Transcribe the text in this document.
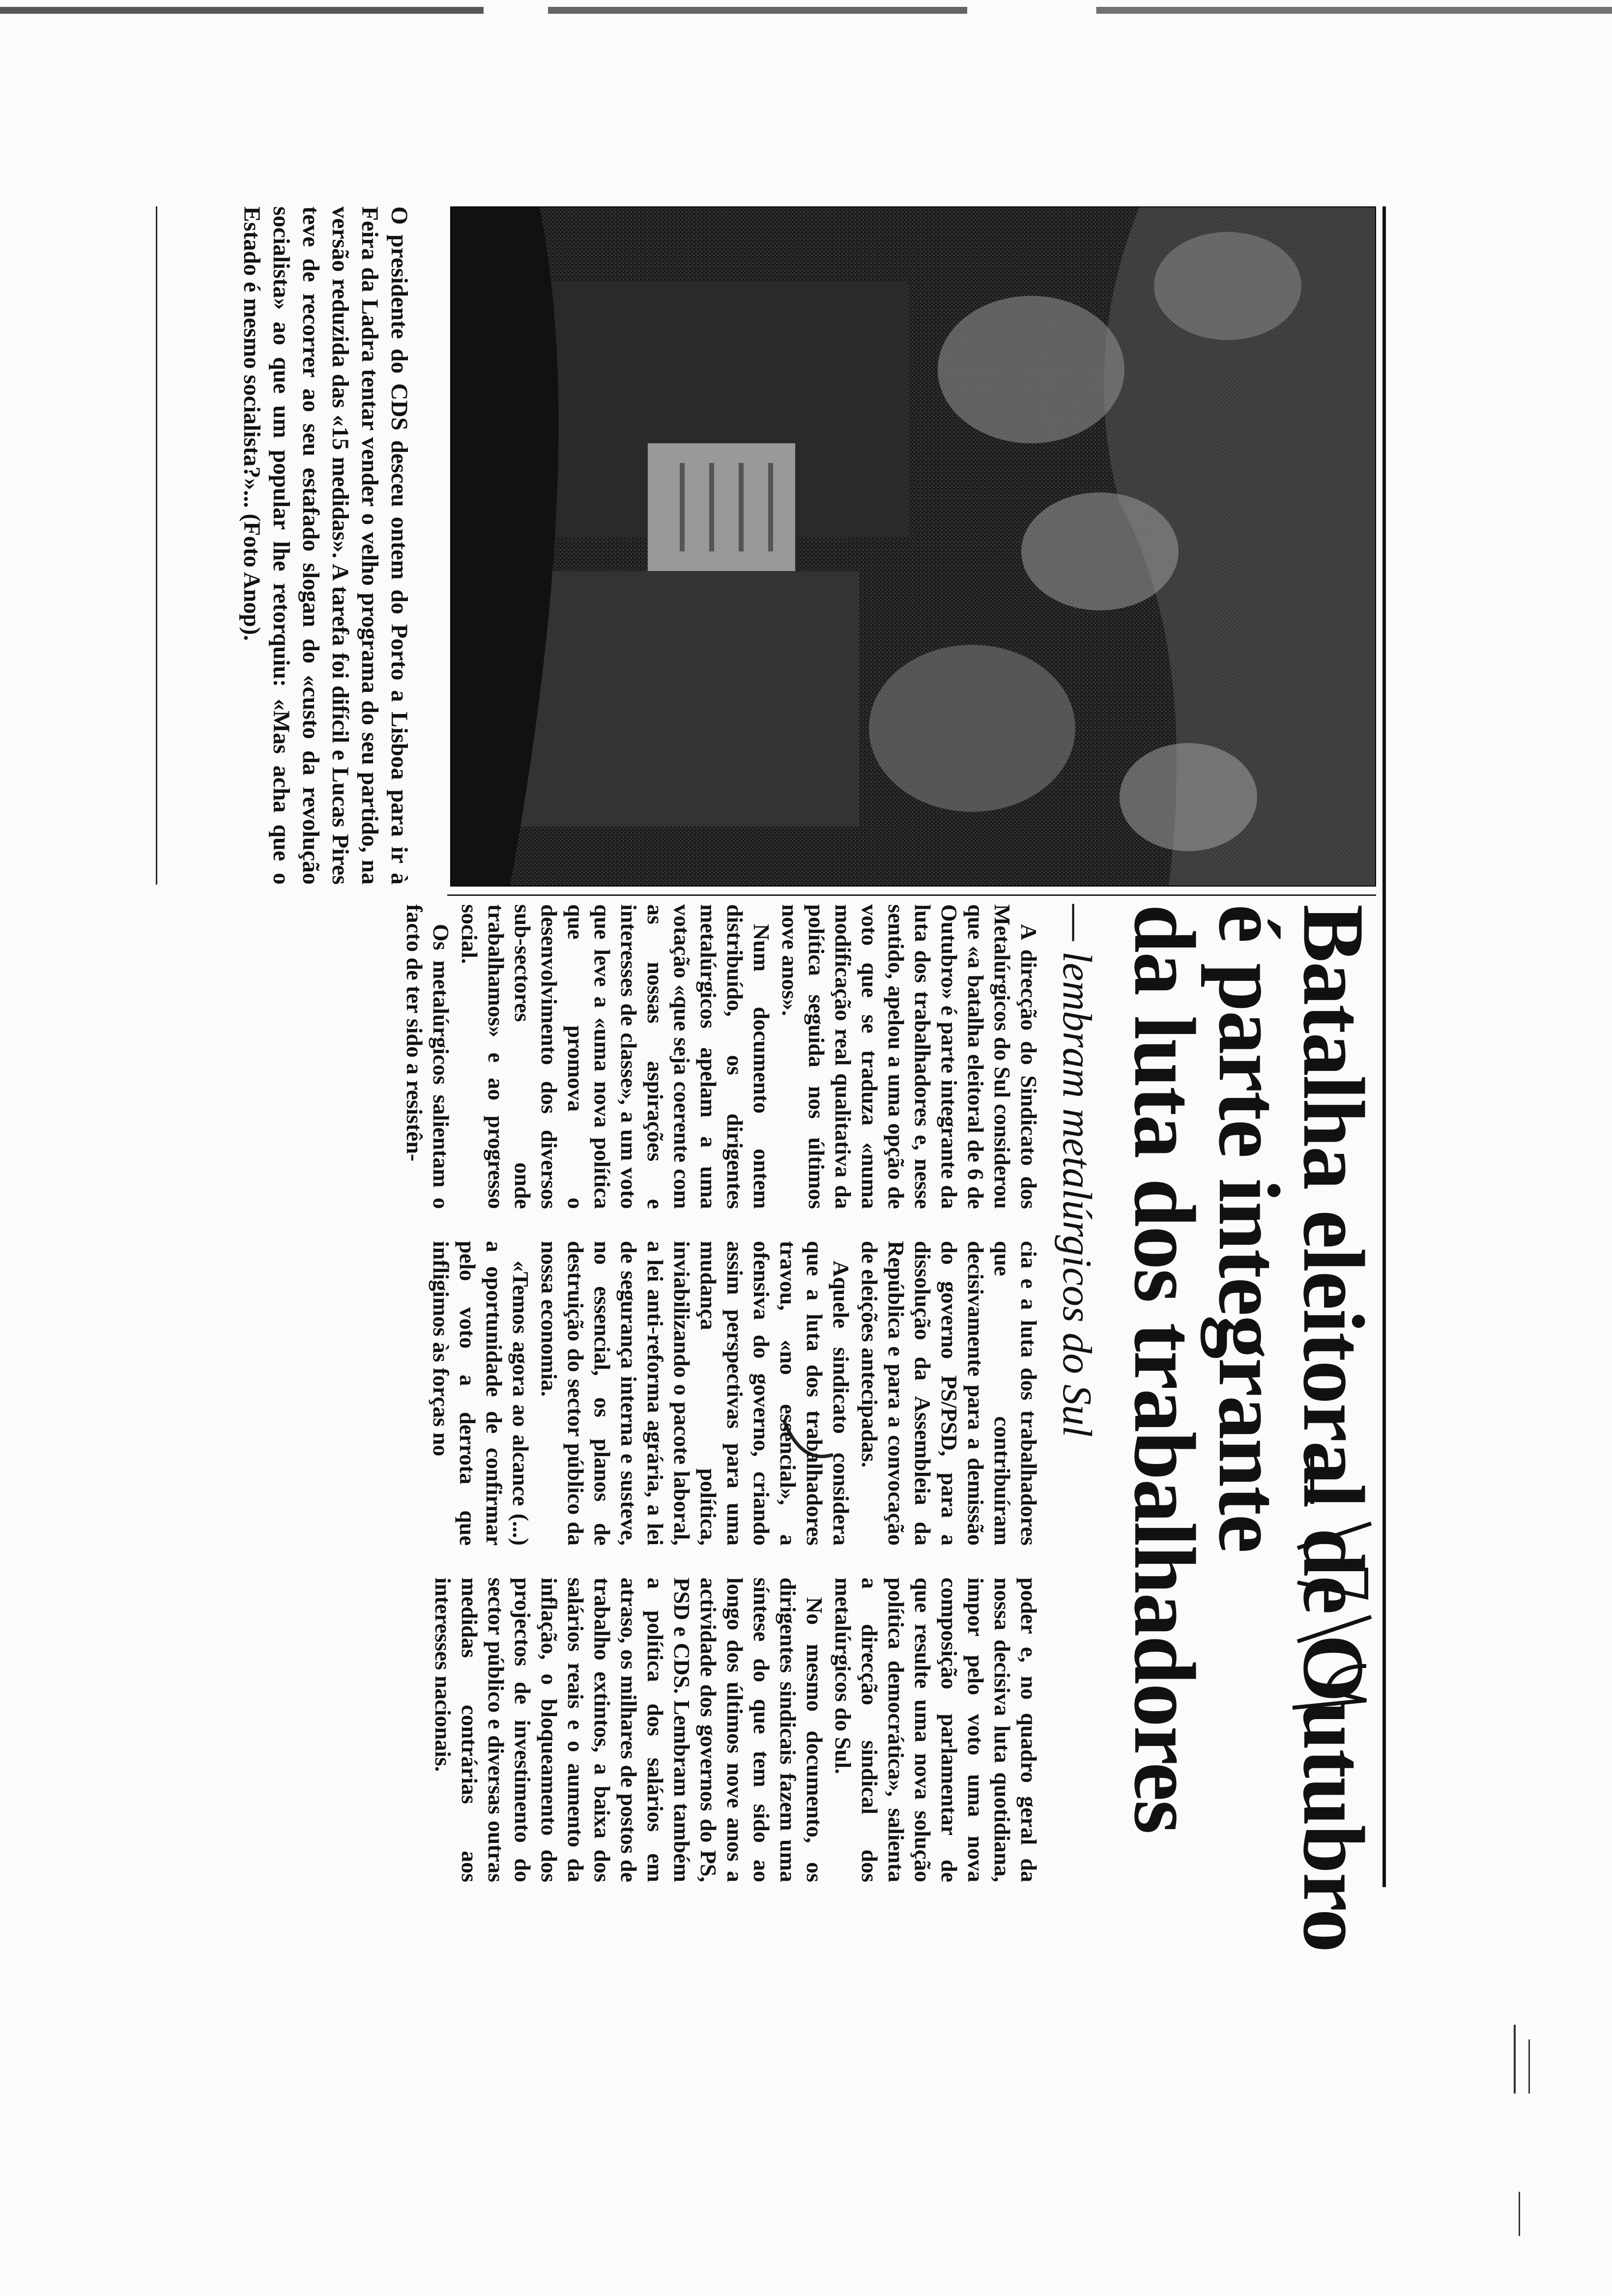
O presidente do CDS desceu ontem do Porto a Lisboa para ir à Feira da Ladra tentar vender o velho programa do seu partido, na versão reduzida das «15 medidas». A tarefa foi difícil e Lucas Pires teve de recorrer ao seu estafado slogan do «custo da revolução socialista» ao que um popular lhe retorquiu: «Mas acha que o Estado é mesmo socialista?»... (Foto Anop).

Batalha eleitoral de Outubro
é parte integrante
da luta dos trabalhadores
— lembram metalúrgicos do Sul

A direcção do Sindicato dos Metalúrgicos do Sul considerou que «a batalha eleitoral de 6 de Outubro» é parte integrante da luta dos trabalhadores e, nesse sentido, apelou a uma opção de voto que se traduza «numa modificação real qualitativa da política seguida nos últimos nove anos».

Num documento ontem distribuído, os dirigentes metalúrgicos apelam a uma votação «que seja coerente com as nossas aspirações e interesses de classe», a um voto que leve a «uma nova política que promova o desenvolvimento dos diversos sub-sectores onde trabalhamos» e ao progresso social.

Os metalúrgicos salientam o facto de ter sido a resistên-

cia e a luta dos trabalhadores que contribuíram decisivamente para a demissão do governo PS/PSD, para a dissolução da Assembleia da República e para a convocação de eleições antecipadas.

Aquele sindicato considera que a luta dos trabalhadores travou, «no essencial», a ofensiva do governo, criando assim perspectivas para uma mudança política, inviabilizando o pacote laboral, a lei anti-reforma agrária, a lei de segurança interna e susteve, no essencial, os planos de destruição do sector público da nossa economia.

«Temos agora ao alcance (...) a oportunidade de confirmar pelo voto a derrota que infligimos às forças no

poder e, no quadro geral da nossa decisiva luta quotidiana, impor pelo voto uma nova composição parlamentar de que resulte uma nova solução política democrática», salienta a direcção sindical dos metalúrgicos do Sul.

No mesmo documento, os dirigentes sindicais fazem uma síntese do que tem sido ao longo dos últimos nove anos a actividade dos governos do PS, PSD e CDS. Lembram também a política dos salários em atraso, os milhares de postos de trabalho extintos, a baixa dos salários reais e o aumento da inflação, o bloqueamento dos projectos de investimento do sector público e diversas outras medidas contrárias aos interesses nacionais.
